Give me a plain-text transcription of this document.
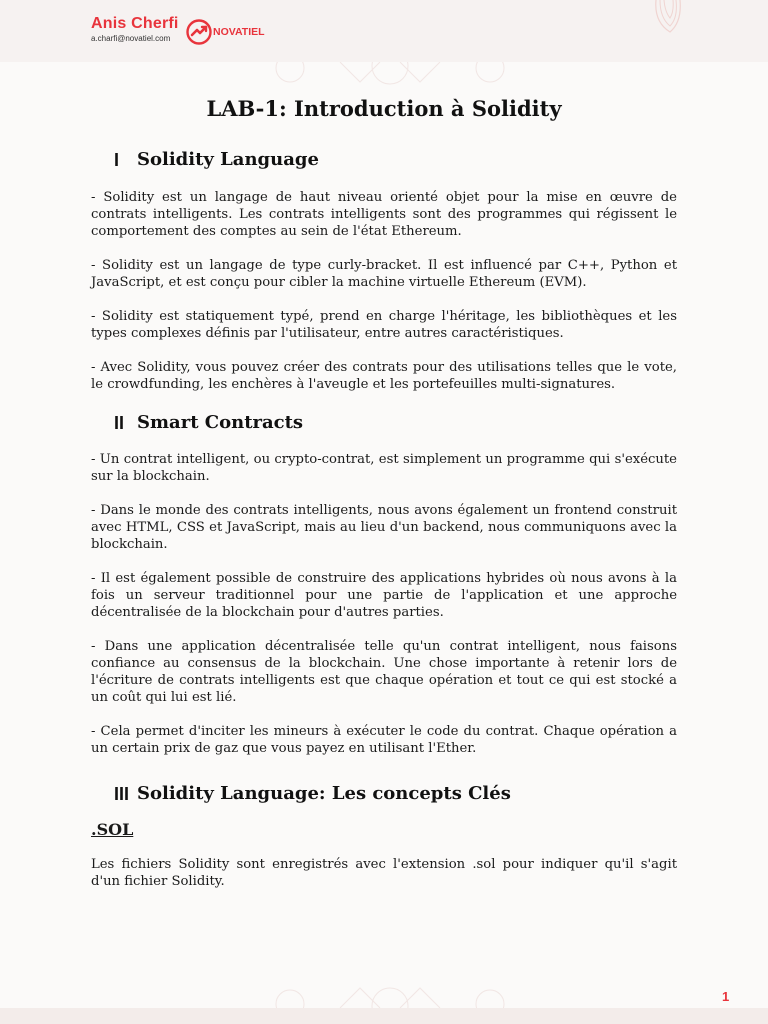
Anis Cherfi
a.charfi@novatiel.com
NOVATIEL
LAB-1: Introduction à Solidity
I Solidity Language

- Solidity est un langage de haut niveau orienté objet pour la mise en œuvre de contrats intelligents. Les contrats intelligents sont des programmes qui régissent le comportement des comptes au sein de l'état Ethereum.

- Solidity est un langage de type curly-bracket. Il est influencé par C++, Python et JavaScript, et est conçu pour cibler la machine virtuelle Ethereum (EVM).

- Solidity est statiquement typé, prend en charge l'héritage, les bibliothèques et les types complexes définis par l'utilisateur, entre autres caractéristiques.

- Avec Solidity, vous pouvez créer des contrats pour des utilisations telles que le vote, le crowdfunding, les enchères à l'aveugle et les portefeuilles multi-signatures.

II Smart Contracts

- Un contrat intelligent, ou crypto-contrat, est simplement un programme qui s'exécute sur la blockchain.

- Dans le monde des contrats intelligents, nous avons également un frontend construit avec HTML, CSS et JavaScript, mais au lieu d'un backend, nous communiquons avec la blockchain.

- Il est également possible de construire des applications hybrides où nous avons à la fois un serveur traditionnel pour une partie de l'application et une approche décentralisée de la blockchain pour d'autres parties.

- Dans une application décentralisée telle qu'un contrat intelligent, nous faisons confiance au consensus de la blockchain. Une chose importante à retenir lors de l'écriture de contrats intelligents est que chaque opération et tout ce qui est stocké a un coût qui lui est lié.

- Cela permet d'inciter les mineurs à exécuter le code du contrat. Chaque opération a un certain prix de gaz que vous payez en utilisant l'Ether.

III Solidity Language: Les concepts Clés
.SOL

Les fichiers Solidity sont enregistrés avec l'extension .sol pour indiquer qu'il s'agit d'un fichier Solidity.

1
